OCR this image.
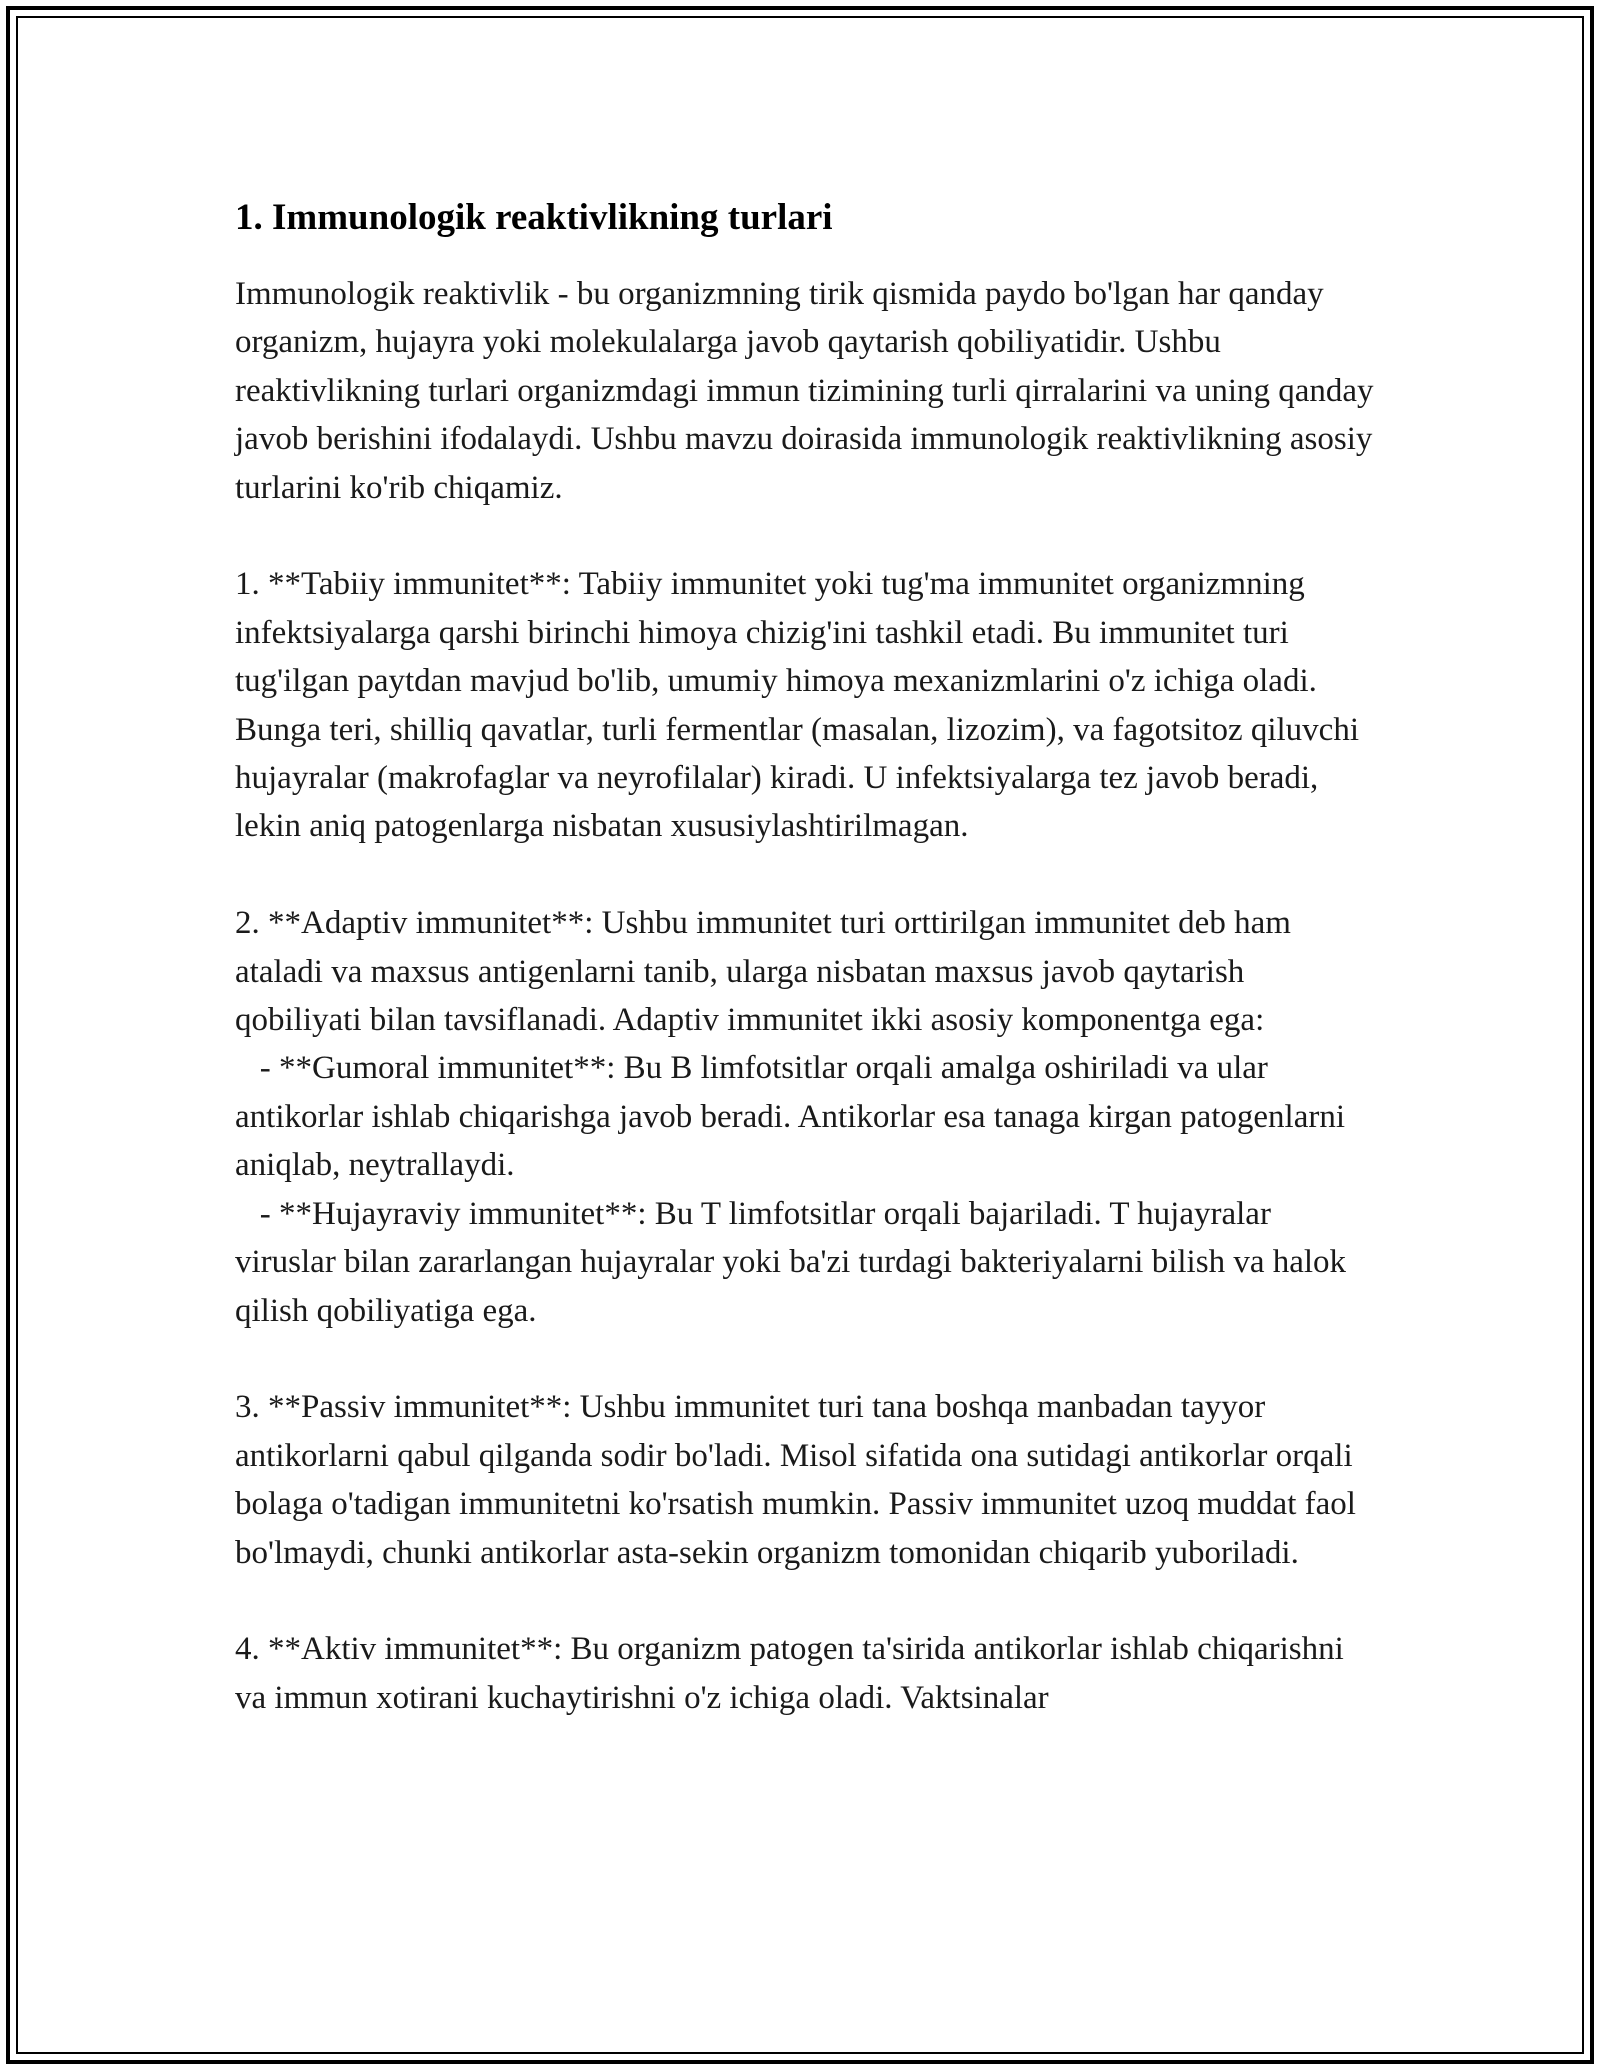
1. Immunologik reaktivlikning turlari

Immunologik reaktivlik - bu organizmning tirik qismida paydo bo'lgan har qanday organizm, hujayra yoki molekulalarga javob qaytarish qobiliyatidir. Ushbu reaktivlikning turlari organizmdagi immun tizimining turli qirralarini va uning qanday javob berishini ifodalaydi. Ushbu mavzu doirasida immunologik reaktivlikning asosiy turlarini ko'rib chiqamiz.

1. **Tabiiy immunitet**: Tabiiy immunitet yoki tug'ma immunitet organizmning infektsiyalarga qarshi birinchi himoya chizig'ini tashkil etadi. Bu immunitet turi tug'ilgan paytdan mavjud bo'lib, umumiy himoya mexanizmlarini o'z ichiga oladi. Bunga teri, shilliq qavatlar, turli fermentlar (masalan, lizozim), va fagotsitoz qiluvchi hujayralar (makrofaglar va neyrofilalar) kiradi. U infektsiyalarga tez javob beradi, lekin aniq patogenlarga nisbatan xususiylashtirilmagan.

2. **Adaptiv immunitet**: Ushbu immunitet turi orttirilgan immunitet deb ham ataladi va maxsus antigenlarni tanib, ularga nisbatan maxsus javob qaytarish qobiliyati bilan tavsiflanadi. Adaptiv immunitet ikki asosiy komponentga ega:

- **Gumoral immunitet**: Bu B limfotsitlar orqali amalga oshiriladi va ular antikorlar ishlab chiqarishga javob beradi. Antikorlar esa tanaga kirgan patogenlarni aniqlab, neytrallaydi.

- **Hujayraviy immunitet**: Bu T limfotsitlar orqali bajariladi. T hujayralar viruslar bilan zararlangan hujayralar yoki ba'zi turdagi bakteriyalarni bilish va halok qilish qobiliyatiga ega.

3. **Passiv immunitet**: Ushbu immunitet turi tana boshqa manbadan tayyor antikorlarni qabul qilganda sodir bo'ladi. Misol sifatida ona sutidagi antikorlar orqali bolaga o'tadigan immunitetni ko'rsatish mumkin. Passiv immunitet uzoq muddat faol bo'lmaydi, chunki antikorlar asta-sekin organizm tomonidan chiqarib yuboriladi.

4. **Aktiv immunitet**: Bu organizm patogen ta'sirida antikorlar ishlab chiqarishni va immun xotirani kuchaytirishni o'z ichiga oladi. Vaktsinalar
